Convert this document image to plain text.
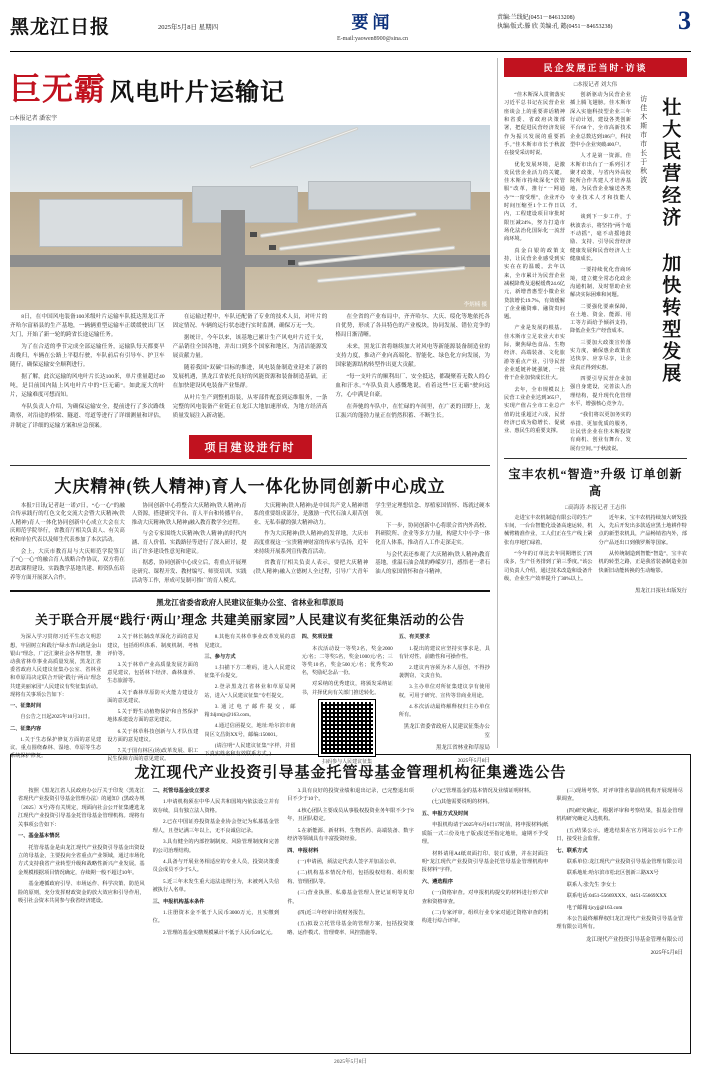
黑龙江日报	2025年5月8日 星期四	要闻
E-mail:yaowen8900@sina.cn
责编:兰线妃(0451－84613208)
执编/版式:滕 欣 美编:孔 懿(0451－84653238)	3
巨无霸 风电叶片运输记
□本报记者 潘宏宇
李炳楠 摄

8日，在中国风电装备100米级叶片运输车队抵达黑龙江齐齐哈尔富裕县的生产基地，一辆辆重型运输车正缓缓驶出厂区大门，开始了新一轮的跨省长途运输任务。

为了在合适的季节完成全部运输任务，运输队每天都要早出晚归，车辆在公路上平稳行驶，车队前后有引导车、护卫车随行，确保运输安全顺利进行。

据了解，此次运输的风电叶片长达100米，单片重量超过40吨，是目前国内陆上风电叶片中的“巨无霸”。如此庞大的叶片，运输难度可想而知。

车队负责人介绍，为确保运输安全，提前进行了多次路线勘察，对沿途的桥梁、隧道、弯道等进行了详细测量和评估，并制定了详细的运输方案和应急预案。

在运输过程中，车队还配备了专业的技术人员，对叶片的固定情况、车辆的运行状态进行实时监测，确保万无一失。

据统计，今年以来，该基地已累计生产风电叶片近千支，产品销往全国各地，并出口到多个国家和地区，为清洁能源发展贡献力量。

随着我国“双碳”目标的推进，风电装备制造业迎来了新的发展机遇，黑龙江省依托良好的风能资源和装备制造基础，正在加快建设风电装备产业集群。

从叶片生产到整机组装，从零部件配套到运维服务，一条完整的风电装备产业链正在龙江大地加速形成，为地方经济高质量发展注入新动能。

在全省的产业布局中，齐齐哈尔、大庆、绥化等地依托各自优势，形成了各具特色的产业板块，协同发展、错位竞争的格局日渐清晰。

未来，黑龙江省将继续加大对风电等新能源装备制造业的支持力度，推动产业向高端化、智能化、绿色化方向发展，为国家能源结构转型作出更大贡献。

“每一支叶片的顺利出厂、安全抵达，都凝聚着无数人的心血和汗水。”车队负责人感慨地说，看着这些“巨无霸”驶向远方，心中满是自豪。

在奔驰的车队中，在忙碌的车间里，在广袤的田野上，龙江振兴的蓬勃力量正在悄然积蓄、不断生长。

项目建设进行时
大庆精神(铁人精神)育人一体化协同创新中心成立

本报7日讯(记者赵一诺)7日，“心一心”的融合传承践行的红色文化交流大会暨大庆精神(铁人精神)育人一体化协同创新中心成立大会在大庆师范学院举行，省教育厅相关负责人、有关高校和单位代表以及师生代表参加了本次活动。

会上，大庆市教育局与大庆师范学院签订了“心一心”的融合育人战略合作协议，双方将在思政课程建设、实践教学基地共建、师资队伍培养等方面开展深入合作。

协同创新中心将整合大庆精神(铁人精神)育人资源，搭建研究平台、育人平台和传播平台，推动大庆精神(铁人精神)融入教育教学全过程。

与会专家围绕大庆精神(铁人精神)的时代内涵、育人价值、实践路径等进行了深入研讨，提出了许多建设性意见和建议。

据悉，协同创新中心成立后，将重点开展理论研究、课程开发、教材编写、师资培训、实践活动等工作，形成可复制可推广的育人模式。

大庆精神(铁人精神)是中国共产党人精神谱系的重要组成部分，是激励一代代石油人艰苦创业、无私奉献的强大精神动力。

作为大庆精神(铁人精神)的发祥地，大庆市高度重视这一宝贵精神财富的传承与弘扬，近年来持续开展系列宣传教育活动。

省教育厅相关负责人表示，要把大庆精神(铁人精神)融入立德树人全过程，引导广大青年学生坚定理想信念、厚植家国情怀、练就过硬本领。

下一步，协同创新中心将联合省内外高校、科研院所、企业等多方力量，构建大中小学一体化育人体系，推动育人工作走深走实。

与会代表还参观了大庆精神(铁人精神)教育基地，重温石油会战的峥嵘岁月，感悟老一辈石油人的家国情怀和奋斗精神。

黑龙江省委省政府人民建议征集办公室、省林业和草原局
关于联合开展“践行‘两山’理念 共建美丽家园”人民建议有奖征集活动的公告

为深入学习贯彻习近平生态文明思想，牢固树立和践行“绿水青山就是金山银山”理念，广泛汇聚社会各界智慧，推动我省林草事业高质量发展，黑龙江省委省政府人民建议征集办公室、省林业和草原局决定联合开展“践行‘两山’理念 共建美丽家园”人民建议有奖征集活动。现将有关事项公告如下：

一、征集时间

自公告之日起2025年10月31日。

二、征集内容

1.关于生态保护修复方面的意见建议。重点围绕森林、湿地、草原等生态系统保护修复。

2.关于林长制改革深化方面的意见建议，包括组织体系、制度机制、考核评价等。

3.关于林草产业高质量发展方面的意见建议，包括林下经济、森林康养、生态旅游等。

4.关于森林草原防灭火能力建设方面的意见建议。

5.关于野生动植物保护和自然保护地体系建设方面的意见建议。

6.关于林草科技创新与人才队伍建设方面的意见建议。

7.关于国有林区(场)改革发展、职工民生保障方面的意见建议。

8.其他有关林草事业改革发展的意见建议。

三、参与方式

1.扫描下方二维码，进入人民建议征集平台提交。

2.登录黑龙江省林业和草原局网站，进入“人民建议征集”专栏提交。

3.通过电子邮件提交，邮箱:hljrmjy@163.com。

4.通过信函提交，地址:哈尔滨市南岗区文昌街XX号，邮编:150001。

(请注明“人民建议征集”字样，并留下真实姓名和有效联系方式。)

四、奖项设置

本次活动设一等奖2名，奖金2000元/名；二等奖5名，奖金1000元/名；三等奖10名，奖金500元/名；优秀奖20名，奖励纪念品一份。

对采纳的优秀建议，将颁发采纳证书，并择优向有关部门推送转化。

扫码参与人民建议征集

五、有关要求

1.提出的建议应坚持实事求是，具有针对性、前瞻性和可操作性。

2.建议内容须为本人原创，不得抄袭剽窃，文责自负。

3.主办单位对所征集建议享有使用权，可用于研究、宣传等非商业用途。

4.本次活动最终解释权归主办单位所有。

黑龙江省委省政府人民建议征集办公室
黑龙江省林业和草原局
2025年5月8日
民企发展正当时·访谈
□本报记者 刘大伟

“佳木斯深入贯彻落实习近平总书记在民营企业座谈会上的重要讲话精神和省委、省政府决策部署，把促进民营经济发展作为振兴发展的重要抓手。”佳木斯市市长于秋波在接受采访时说。

优化发展环境，是激发民营企业活力的关键。佳木斯市持续深化“放管服”改革，推行“一网通办”“一窗受理”，企业开办时间压缩至1个工作日以内，工程建设项目审批时限压减24%，努力打造市场化法治化国际化一流营商环境。

真金白银的政策支持，让民营企业感受到实实在在的温暖。去年以来，全市累计为民营企业减税降费及退税缓费24.6亿元，新增普惠型小微企业贷款增长19.7%，有效缓解了企业融资难、融资贵问题。

产业是发展的根基。佳木斯市立足农业大市实际，聚焦绿色食品、生物经济、高端装备、文化旅游等重点产业，引导民营企业延链补链强链，一批骨干企业加快成长壮大。

去年，全市规模以上民营工业企业达到365户，实现产值占全市工业总产值的比重超过六成，民营经济已成为稳增长、促就业、惠民生的重要支撑。

创新驱动为民营企业插上腾飞翅膀。佳木斯市深入实施科技型企业三年行动计划，建设各类创新平台68个，全市高新技术企业总数达到186户，科技型中小企业突破400户。

人才是第一资源。佳木斯市出台了一系列引才聚才政策，与省内外高校院所合作共建人才培养基地，为民营企业输送各类专业技术人才和技能人才。

谈到下一步工作，于秋波表示，将坚持“两个毫不动摇”，毫不动摇地鼓励、支持、引导民营经济健康发展和民营经济人士健康成长。

一要持续优化营商环境，建立健全常态化政企沟通机制，及时帮助企业解决实际困难和问题。

二要强化要素保障，在土地、资金、能源、用工等方面给予倾斜支持，降低企业生产经营成本。

三要加大政策宣传落实力度，确保惠企政策直达快享、应享尽享，让企业真正得到实惠。

四要引导民营企业加强自身建设，完善法人治理结构，提升现代化管理水平，增强核心竞争力。

“我们将以更加务实的举措、更加优质的服务，让民营企业在佳木斯投资有商机、创业有舞台、发展有空间。”于秋波说。

壮大民营经济 加快转型发展
访佳木斯市市长于秋波
宝丰农机“智造”升级 订单创新高
□高海涛 本报记者 王志伟

走进宝丰农机制造有限公司的生产车间，一台台智能化设备高速运转，机械臂精准作业，工人们正在生产线上紧张有序地忙碌着。

“今年的订单比去年同期增长了四成多，生产任务排到了第三季度。”该公司负责人介绍，通过技术改造和设备升级，企业生产效率提升了30%以上。

近年来，宝丰农机持续加大研发投入，先后开发出多款适应黑土地耕作特点的新型农机具，产品畅销省内外，部分产品还出口到俄罗斯等国家。

从传统制造到智能“智造”，宝丰农机的转型之路，正是我省装备制造业加快新旧动能转换的生动缩影。

黑龙江日报社出版发行
龙江现代产业投资引导基金托管母基金管理机构征集遴选公告

按照《黑龙江省人民政府办公厅关于印发〈黑龙江省现代产业投资引导基金管理办法〉的通知》(黑政办规〔2025〕X号)等有关规定，现面向社会公开征集遴选龙江现代产业投资引导基金托管母基金管理机构。现将有关事项公告如下：

一、基金基本情况

托管母基金是由龙江现代产业投资引导基金出资设立的母基金，主要投向全省重点产业领域，通过市场化方式支持我省产业转型升级和战略性新兴产业发展。基金规模根据项目情况确定，存续期一般不超过10年。

基金遵循政府引导、市场运作、科学决策、防范风险的原则，充分发挥财政资金的放大效应和引导作用，吸引社会资本共同参与我省经济建设。

二、托管母基金设立要求

1.申请机构须在中华人民共和国境内依法设立并有效存续，具有独立法人资格。

2.已在中国证券投资基金业协会登记为私募基金管理人，且登记满三年以上，无不良诚信记录。

3.具有健全的内部控制制度、风险管理制度和完善的公司治理结构。

4.具备与开展业务相适应的专业人员，投资决策委员会成员不少于5人。

5.近三年未发生重大违法违规行为，未被列入失信被执行人名单。

三、申报机构基本条件

1.注册资本金不低于人民币3000万元，且实缴到位。

2.管理的基金实缴规模累计不低于人民币20亿元。

3.具有良好的投资业绩和退出记录，已完整退出项目不少于10个。

4.核心团队主要成员从事股权投资业务年限不少于8年，且团队稳定。

5.在新能源、新材料、生物医药、高端装备、数字经济等领域具有丰富投资经验。

四、申报材料

(一)申请函，须法定代表人签字并加盖公章。

(二)机构基本情况介绍，包括股权结构、组织架构、管理团队等。

(三)营业执照、私募基金管理人登记证明等复印件。

(四)近三年经审计的财务报告。

(五)拟设立托管母基金的管理方案，包括投资策略、运作模式、管理费率、风控措施等。

(六)已管理基金的基本情况及业绩证明材料。

(七)其他需要说明的材料。

五、申报方式及时间

申报机构请于2025年6月6日17时前，将申报材料(纸质版一式三份及电子版)报送至指定地址，逾期不予受理。

材料请用A4纸双面打印、装订成册，并在封面注明“龙江现代产业投资引导基金托管母基金管理机构申报材料”字样。

六、遴选程序

(一)资格审查。对申报机构提交的材料进行形式审查和资格审查。

(二)专家评审。组织行业专家对通过资格审查的机构进行综合评审。

(三)现场考察。对评审排名靠前的机构开展现场尽职调查。

(四)研究确定。根据评审和考察结果，报基金管理机构研究确定入选机构。

(五)结果公示。遴选结果在官方网站公示5个工作日，接受社会监督。

七、联系方式

联系单位:龙江现代产业投资引导基金管理有限公司

联系地址:哈尔滨市松北区创新三路XX号

联系人:张先生 李女士

联系电话:0451-55669XXX、0451-55669XXX

电子邮箱:ljcyjj@163.com

本公告最终解释权归龙江现代产业投资引导基金管理有限公司所有。

龙江现代产业投资引导基金管理有限公司
2025年5月8日
2025年5月8日
